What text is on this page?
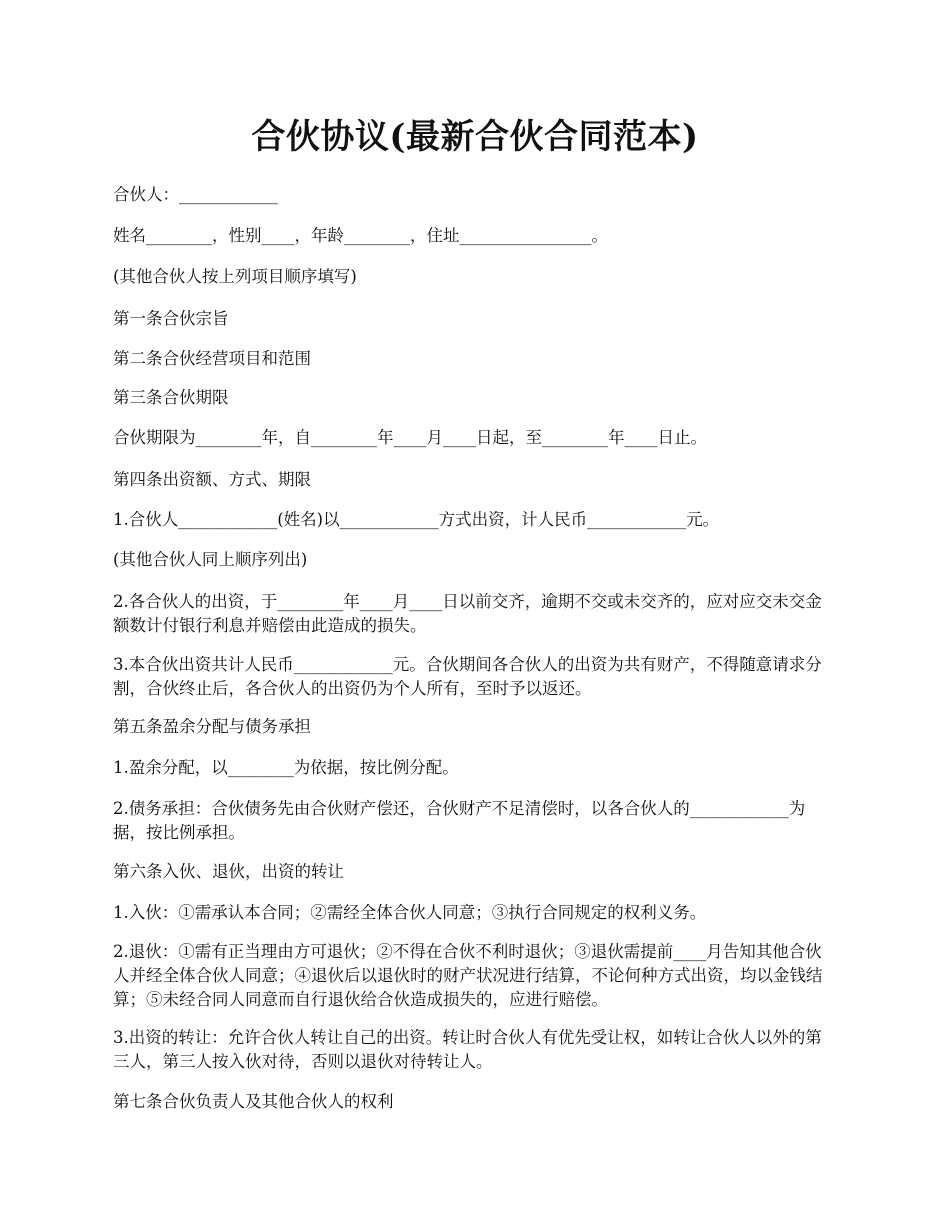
合伙协议(最新合伙合同范本)
合伙人：____________
姓名________，性别____，年龄________，住址________________。
(其他合伙人按上列项目顺序填写)
第一条合伙宗旨
第二条合伙经营项目和范围
第三条合伙期限
合伙期限为________年，自________年____月____日起，至________年____日止。
第四条出资额、方式、期限
1.合伙人____________(姓名)以____________方式出资，计人民币____________元。
(其他合伙人同上顺序列出)
2.各合伙人的出资，于________年____月____日以前交齐，逾期不交或未交齐的，应对应交未交金额数计付银行利息并赔偿由此造成的损失。
3.本合伙出资共计人民币____________元。合伙期间各合伙人的出资为共有财产，不得随意请求分割，合伙终止后，各合伙人的出资仍为个人所有，至时予以返还。
第五条盈余分配与债务承担
1.盈余分配，以________为依据，按比例分配。
2.债务承担：合伙债务先由合伙财产偿还，合伙财产不足清偿时，以各合伙人的____________为据，按比例承担。
第六条入伙、退伙，出资的转让
1.入伙：①需承认本合同；②需经全体合伙人同意；③执行合同规定的权利义务。
2.退伙：①需有正当理由方可退伙；②不得在合伙不利时退伙；③退伙需提前____月告知其他合伙人并经全体合伙人同意；④退伙后以退伙时的财产状况进行结算，不论何种方式出资，均以金钱结算；⑤未经合同人同意而自行退伙给合伙造成损失的，应进行赔偿。
3.出资的转让：允许合伙人转让自己的出资。转让时合伙人有优先受让权，如转让合伙人以外的第三人，第三人按入伙对待，否则以退伙对待转让人。
第七条合伙负责人及其他合伙人的权利
